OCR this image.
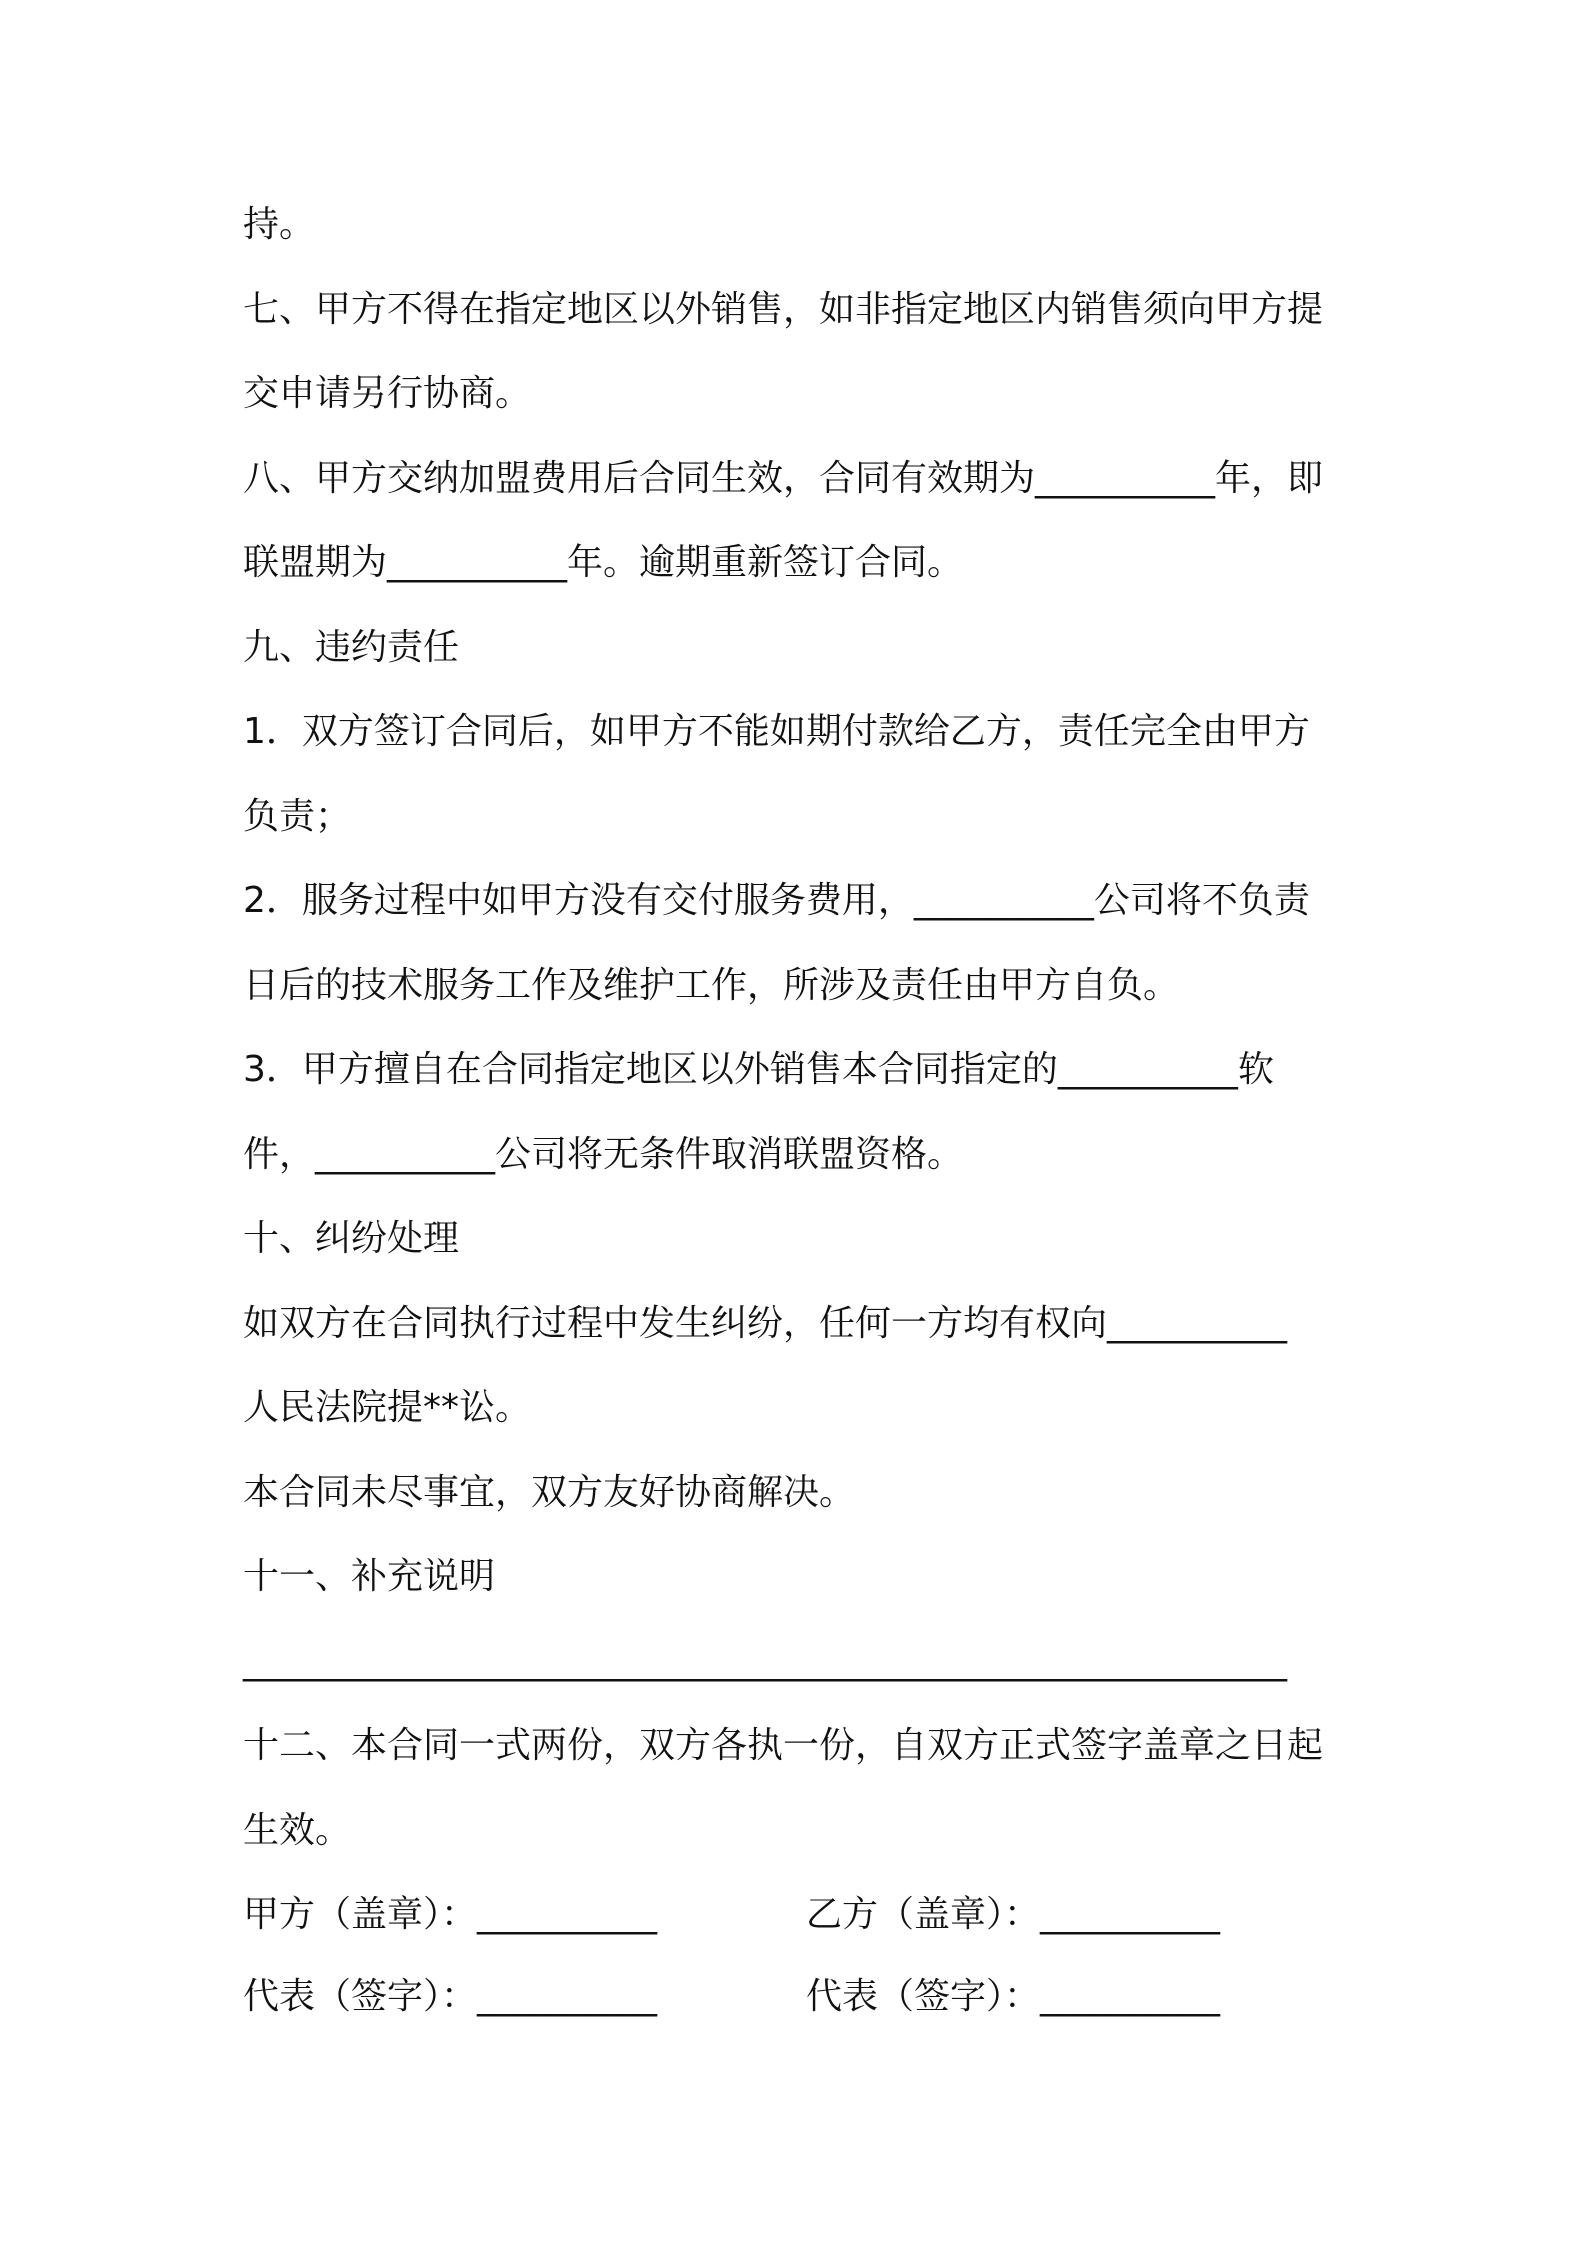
持。
七、甲方不得在指定地区以外销售，如非指定地区内销售须向甲方提
交申请另行协商。
八、甲方交纳加盟费用后合同生效，合同有效期为__________年，即
联盟期为__________年。逾期重新签订合同。
九、违约责任
1．双方签订合同后，如甲方不能如期付款给乙方，责任完全由甲方
负责；
2．服务过程中如甲方没有交付服务费用，__________公司将不负责
日后的技术服务工作及维护工作，所涉及责任由甲方自负。
3．甲方擅自在合同指定地区以外销售本合同指定的__________软
件，__________公司将无条件取消联盟资格。
十、纠纷处理
如双方在合同执行过程中发生纠纷，任何一方均有权向__________
人民法院提**讼。
本合同未尽事宜，双方友好协商解决。
十一、补充说明
__________________________________________________________
十二、本合同一式两份，双方各执一份，自双方正式签字盖章之日起
生效。
甲方（盖章）：__________	乙方（盖章）：__________
代表（签字）：__________	代表（签字）：__________
